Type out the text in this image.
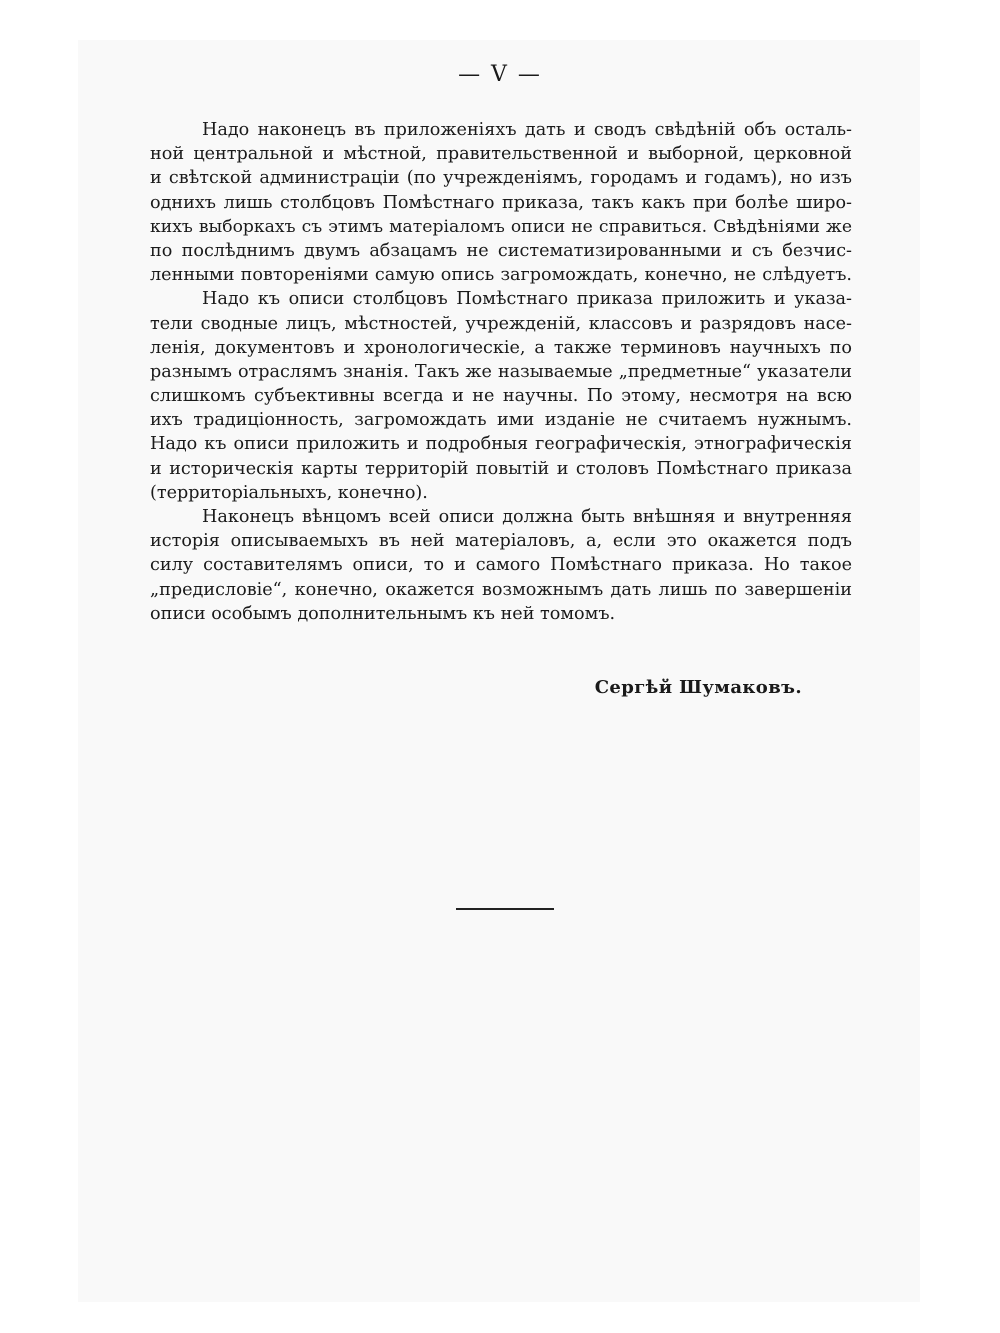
— V —

Надо наконецъ въ приложеніяхъ дать и сводъ свѣдѣній объ осталь-
ной центральной и мѣстной, правительственной и выборной, церковной
и свѣтской администраціи (по учрежденіямъ, городамъ и годамъ), но изъ
однихъ лишь столбцовъ Помѣстнаго приказа, такъ какъ при болѣе широ-
кихъ выборкахъ съ этимъ матеріаломъ описи не справиться. Свѣдѣніями же
по послѣднимъ двумъ абзацамъ не систематизированными и съ безчис-
ленными повтореніями самую опись загромождать, конечно, не слѣдуетъ.
Надо къ описи столбцовъ Помѣстнаго приказа приложить и указа-
тели сводные лицъ, мѣстностей, учрежденій, классовъ и разрядовъ насе-
ленія, документовъ и хронологическіе, а также терминовъ научныхъ по
разнымъ отраслямъ знанія. Такъ же называемые „предметные“ указатели
слишкомъ субъективны всегда и не научны. По этому, несмотря на всю
ихъ традиціонность, загромождать ими изданіе не считаемъ нужнымъ.
Надо къ описи приложить и подробныя географическія, этнографическія
и историческія карты территорій повытій и столовъ Помѣстнаго приказа
(территоріальныхъ, конечно).
Наконецъ вѣнцомъ всей описи должна быть внѣшняя и внутренняя
исторія описываемыхъ въ ней матеріаловъ, а, если это окажется подъ
силу составителямъ описи, то и самого Помѣстнаго приказа. Но такое
„предисловіе“, конечно, окажется возможнымъ дать лишь по завершеніи
описи особымъ дополнительнымъ къ ней томомъ.

Сергѣй Шумаковъ.
